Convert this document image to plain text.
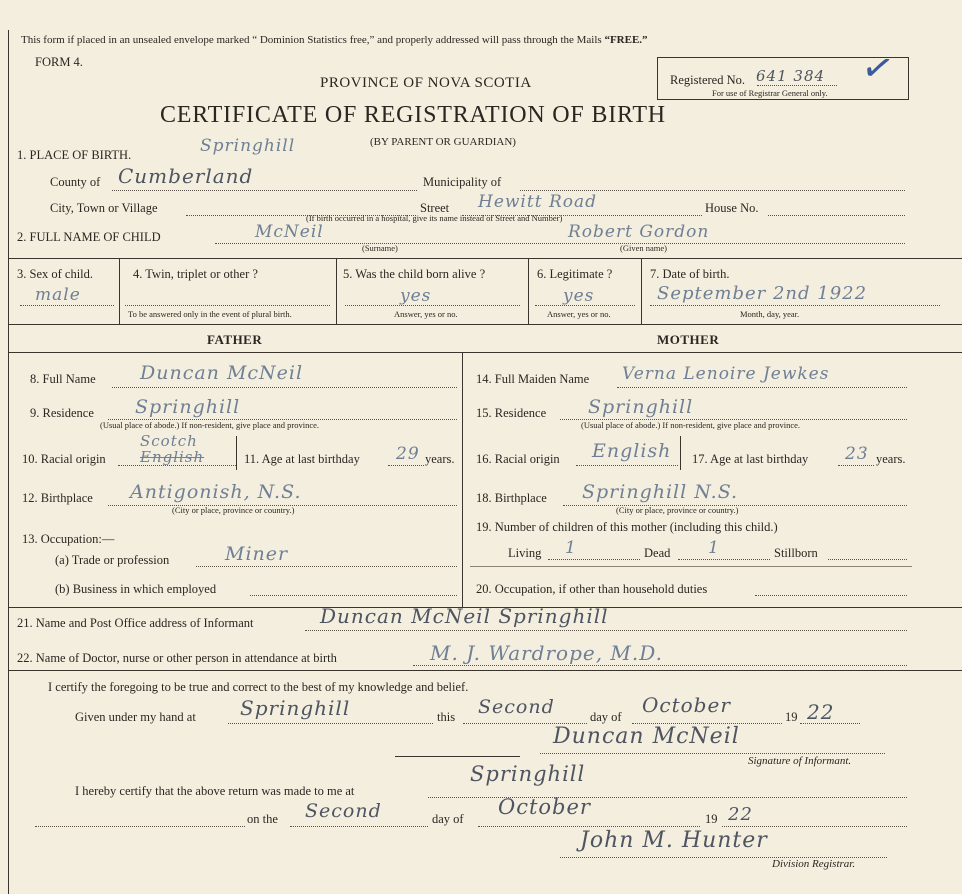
This form if placed in an unsealed envelope marked “ Dominion Statistics free,” and properly addressed will pass through the Mails “FREE.”
FORM 4.
PROVINCE OF NOVA SCOTIA
CERTIFICATE OF REGISTRATION OF BIRTH
(BY PARENT OR GUARDIAN)
Registered No. 641 384
For use of Registrar General only.
✓
1. PLACE OF BIRTH.	Springhill
County of Cumberland	Municipality of
City, Town or Village	Street Hewitt Road	House No.
(If birth occurred in a hospital, give its name instead of Street and Number)
2. FULL NAME OF CHILD	McNeil	Robert Gordon
(Surname)	(Given name)
3. Sex of child.
male
4. Twin, triplet or other ?
To be answered only in the event of plural birth.
5. Was the child born alive ?
yes
Answer, yes or no.
6. Legitimate ?
yes
Answer, yes or no.
7. Date of birth.
September 2nd 1922
Month, day, year.
FATHER	MOTHER
8. Full Name Duncan McNeil
9. Residence Springhill
(Usual place of abode.) If non-resident, give place and province.
10. Racial origin
Scotch
English	11. Age at last birthday 29 years.
12. Birthplace Antigonish, N.S.
(City or place, province or country.)
13. Occupation:—
(a) Trade or profession	Miner
(b) Business in which employed
14. Full Maiden Name Verna Lenoire Jewkes
15. Residence Springhill
(Usual place of abode.) If non-resident, give place and province.
16. Racial origin English 17. Age at last birthday 23 years.
18. Birthplace Springhill N.S.
(City or place, province or country.)
19. Number of children of this mother (including this child.)
Living 1	Dead 1	Stillborn
20. Occupation, if other than household duties
21. Name and Post Office address of Informant	Duncan McNeil Springhill
22. Name of Doctor, nurse or other person in attendance at birth	M. J. Wardrope, M.D.
I certify the foregoing to be true and correct to the best of my knowledge and belief.
Given under my hand at Springhill	this Second	day of October	19 22
Duncan McNeil
Signature of Informant.
I hereby certify that the above return was made to me at
Springhill
on the Second	day of October	19 22
John M. Hunter
Division Registrar.
